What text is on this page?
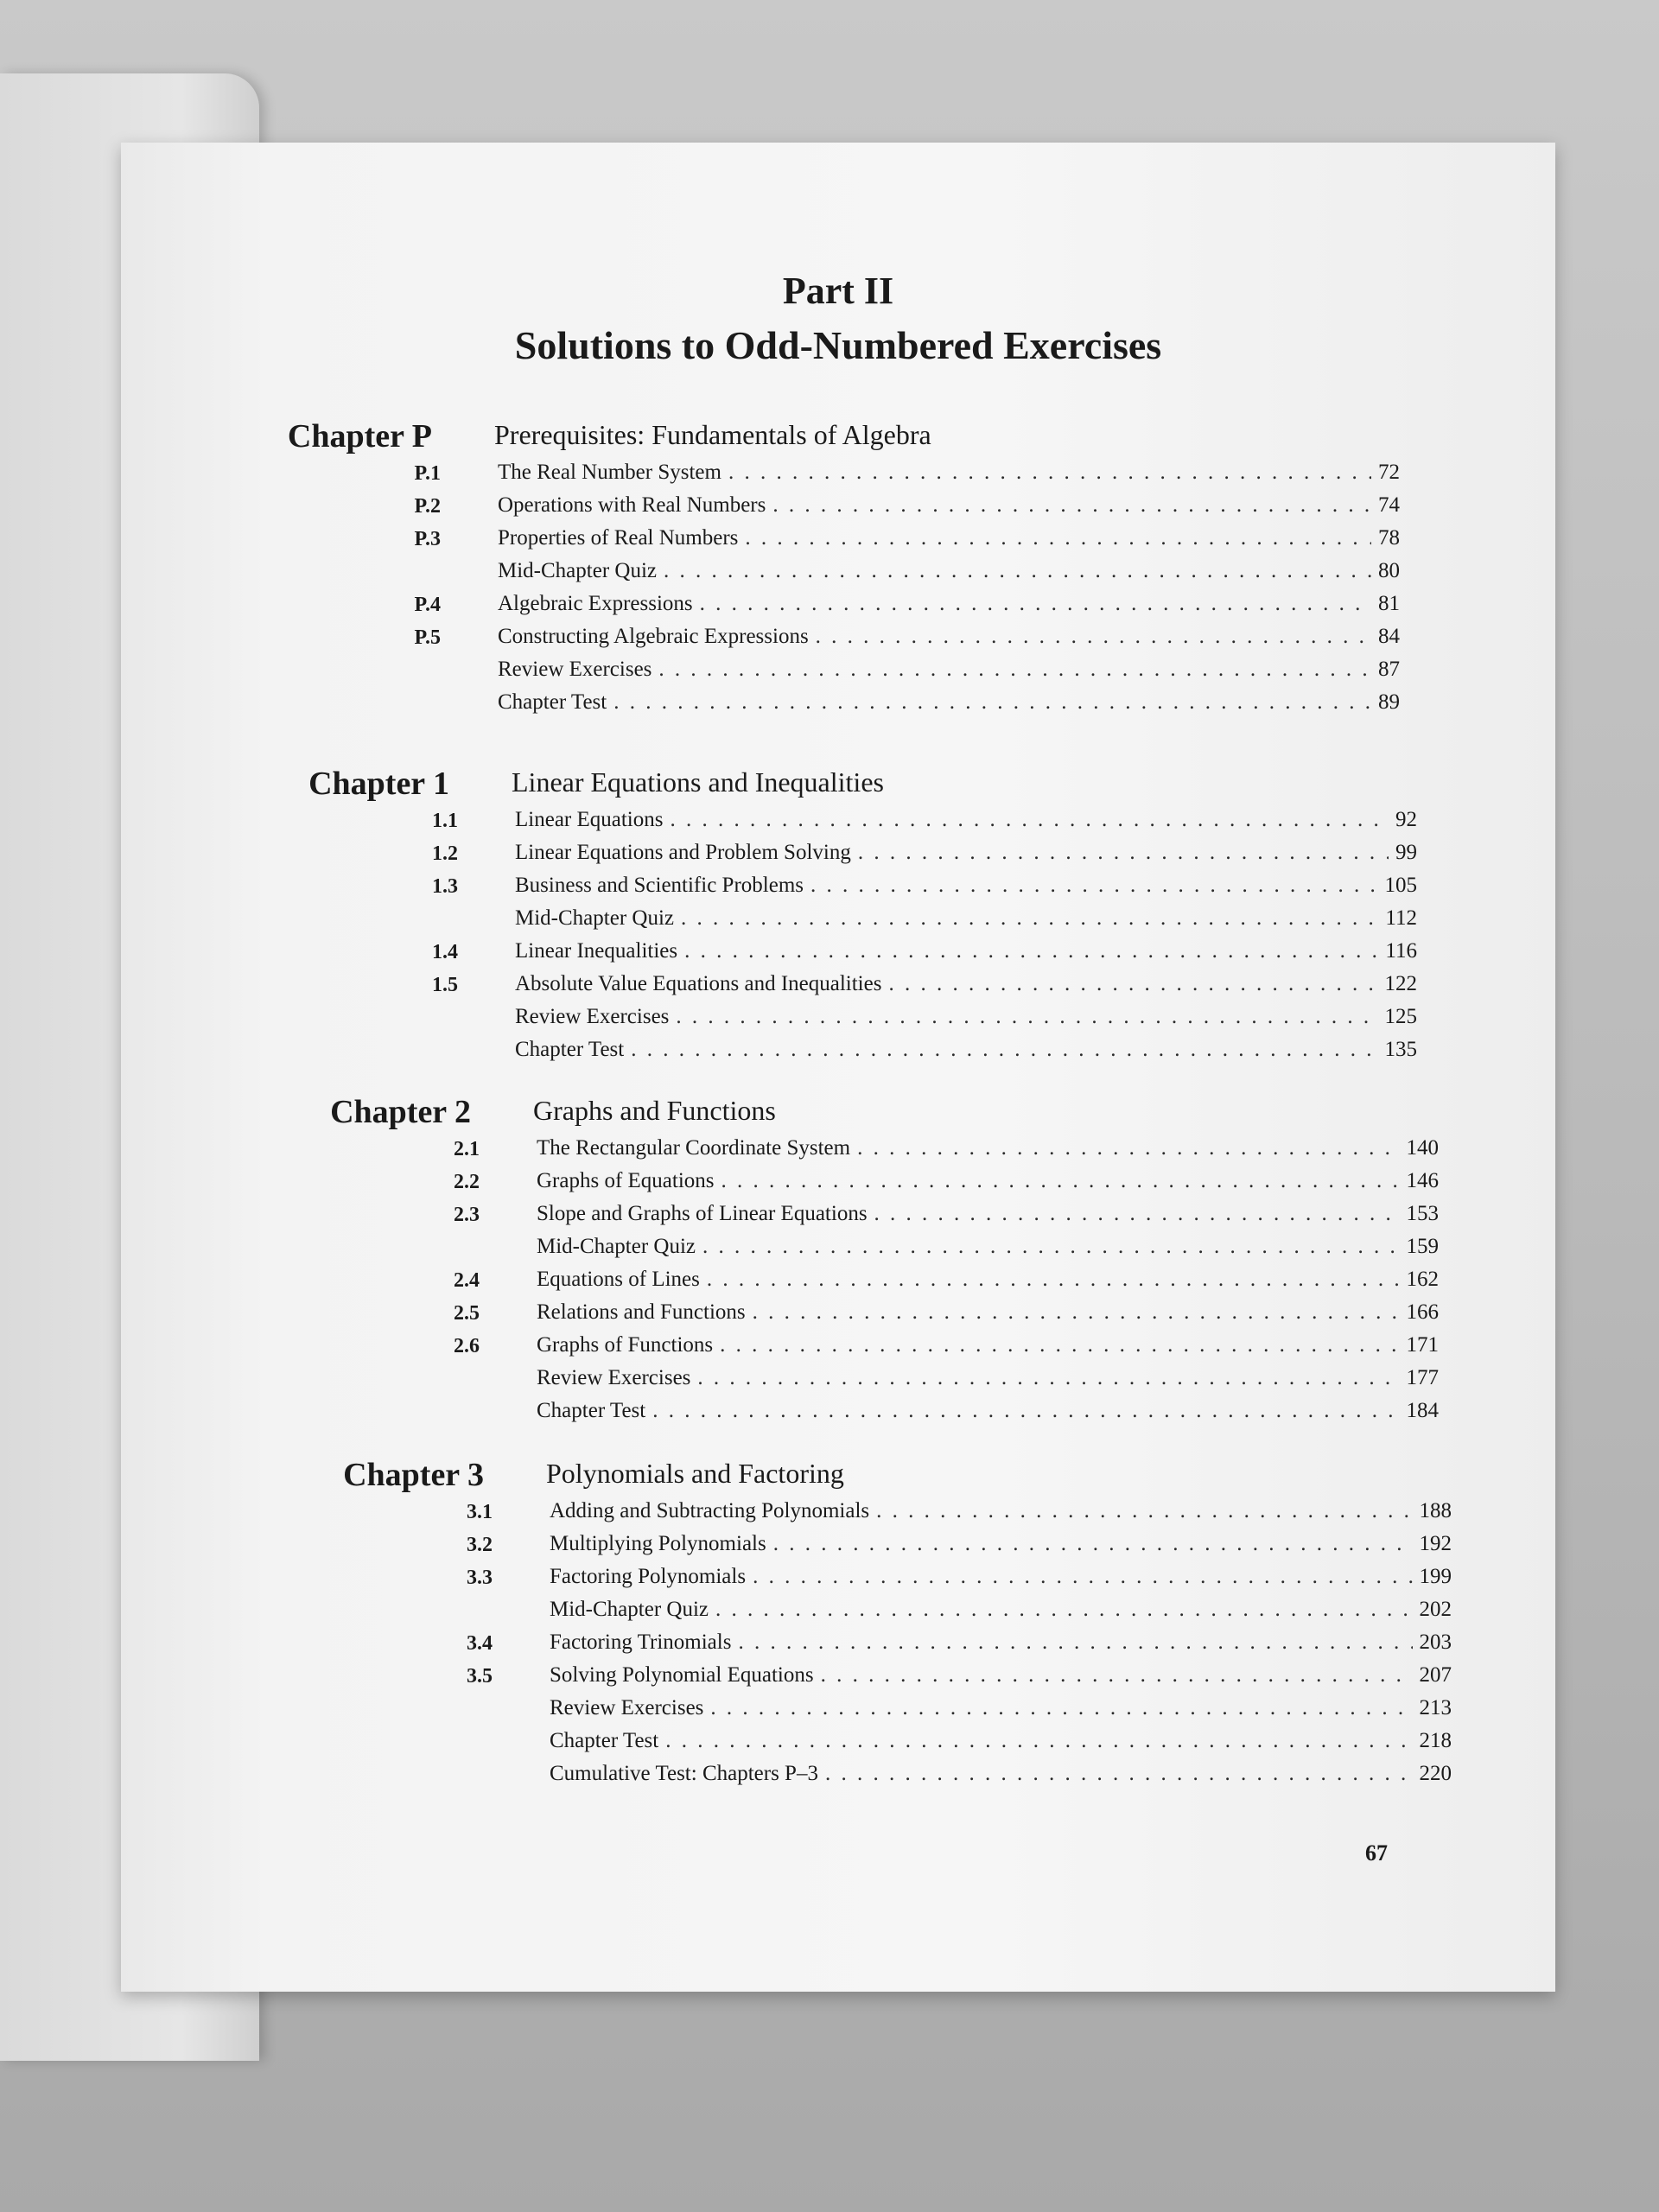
Part II
Solutions to Odd-Numbered Exercises
Chapter P Prerequisites: Fundamentals of Algebra
P.1	The Real Number System . . .	72
P.2	Operations with Real Numbers . . .	74
P.3	Properties of Real Numbers . . .	78
Mid-Chapter Quiz . . .	80
P.4	Algebraic Expressions . . .	81
P.5	Constructing Algebraic Expressions . . .	84
Review Exercises . . .	87
Chapter Test . . .	89
Chapter 1 Linear Equations and Inequalities
1.1	Linear Equations . . .	92
1.2	Linear Equations and Problem Solving . . .	99
1.3	Business and Scientific Problems . . .	105
Mid-Chapter Quiz . . .	112
1.4	Linear Inequalities . . .	116
1.5	Absolute Value Equations and Inequalities . . .	122
Review Exercises . . .	125
Chapter Test . . .	135
Chapter 2 Graphs and Functions
2.1	The Rectangular Coordinate System . . .	140
2.2	Graphs of Equations . . .	146
2.3	Slope and Graphs of Linear Equations . . .	153
Mid-Chapter Quiz . . .	159
2.4	Equations of Lines . . .	162
2.5	Relations and Functions . . .	166
2.6	Graphs of Functions . . .	171
Review Exercises . . .	177
Chapter Test . . .	184
Chapter 3 Polynomials and Factoring
3.1	Adding and Subtracting Polynomials . . .	188
3.2	Multiplying Polynomials . . .	192
3.3	Factoring Polynomials . . .	199
Mid-Chapter Quiz . . .	202
3.4	Factoring Trinomials . . .	203
3.5	Solving Polynomial Equations . . .	207
Review Exercises . . .	213
Chapter Test . . .	218
Cumulative Test: Chapters P–3 . . .	220
67
